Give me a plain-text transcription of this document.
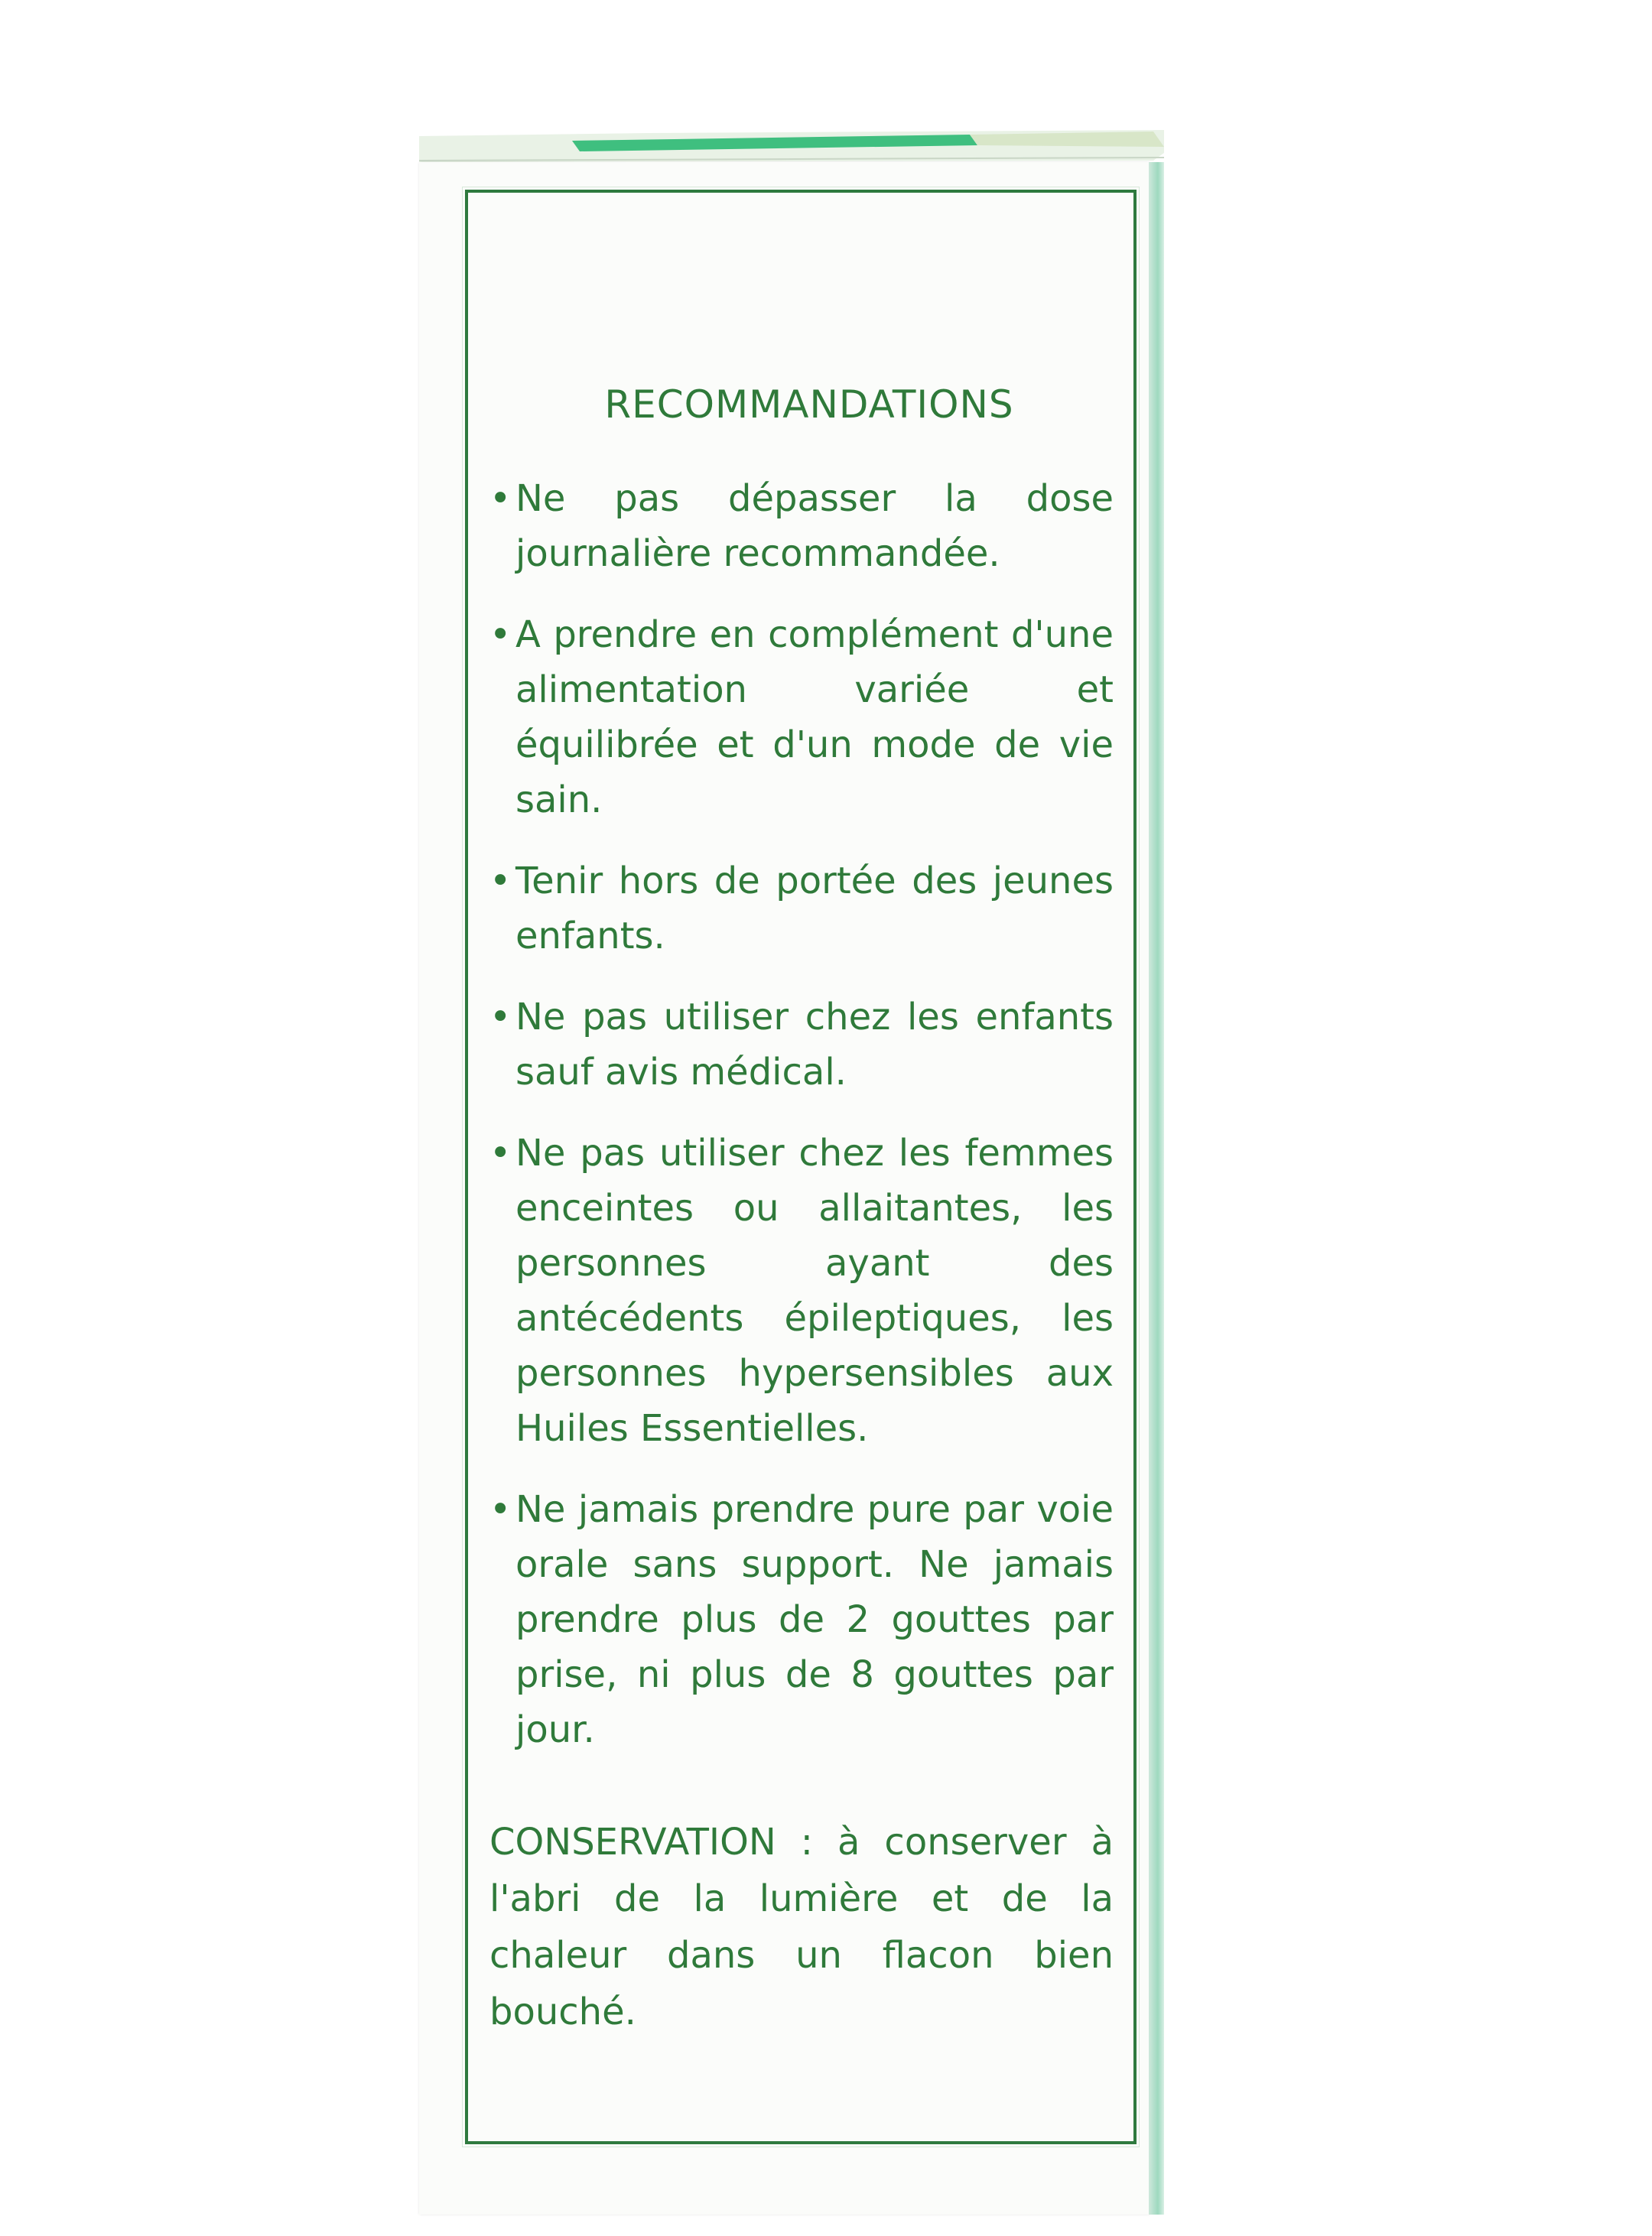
RECOMMANDATIONS
• Ne pas dépasser la dose journalière recommandée.
• A prendre en complément d'une alimentation variée et équilibrée et d'un mode de vie sain.
• Tenir hors de portée des jeunes enfants.
• Ne pas utiliser chez les enfants sauf avis médical.
• Ne pas utiliser chez les femmes enceintes ou allaitantes, les personnes ayant des antécédents épileptiques, les personnes hypersensibles aux Huiles Essentielles.
• Ne jamais prendre pure par voie orale sans support. Ne jamais prendre plus de 2 gouttes par prise, ni plus de 8 gouttes par jour.
CONSERVATION : à conserver à l'abri de la lumière et de la chaleur dans un flacon bien bouché.
